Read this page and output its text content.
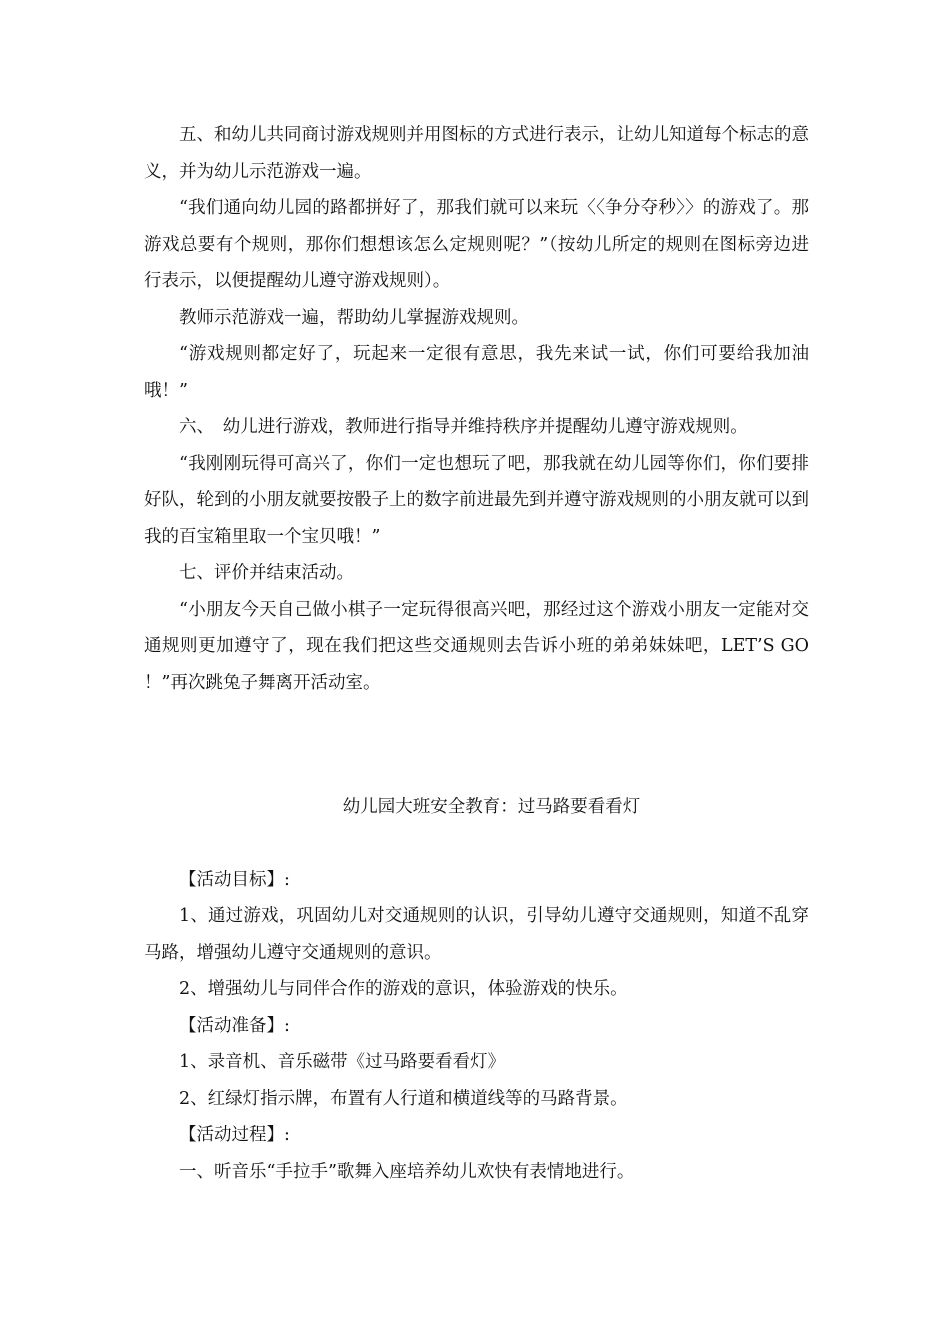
五、和幼儿共同商讨游戏规则并用图标的方式进行表示，让幼儿知道每个标志的意义，并为幼儿示范游戏一遍。

“我们通向幼儿园的路都拼好了，那我们就可以来玩〈〈争分夺秒〉〉的游戏了。那游戏总要有个规则，那你们想想该怎么定规则呢？”（按幼儿所定的规则在图标旁边进行表示，以便提醒幼儿遵守游戏规则）。

教师示范游戏一遍，帮助幼儿掌握游戏规则。

“游戏规则都定好了，玩起来一定很有意思，我先来试一试，你们可要给我加油哦！”

六、　幼儿进行游戏，教师进行指导并维持秩序并提醒幼儿遵守游戏规则。

“我刚刚玩得可高兴了，你们一定也想玩了吧，那我就在幼儿园等你们，你们要排好队，轮到的小朋友就要按骰子上的数字前进最先到并遵守游戏规则的小朋友就可以到我的百宝箱里取一个宝贝哦！”

七、评价并结束活动。

“小朋友今天自己做小棋子一定玩得很高兴吧，那经过这个游戏小朋友一定能对交通规则更加遵守了，现在我们把这些交通规则去告诉小班的弟弟妹妹吧，LET’S GO ！”再次跳兔子舞离开活动室。

幼儿园大班安全教育：过马路要看看灯

【活动目标】:

1、通过游戏，巩固幼儿对交通规则的认识，引导幼儿遵守交通规则，知道不乱穿马路，增强幼儿遵守交通规则的意识。

2、增强幼儿与同伴合作的游戏的意识，体验游戏的快乐。

【活动准备】:

1、录音机、音乐磁带《过马路要看看灯》

2、红绿灯指示牌，布置有人行道和横道线等的马路背景。

【活动过程】:

一、听音乐“手拉手”歌舞入座培养幼儿欢快有表情地进行。
